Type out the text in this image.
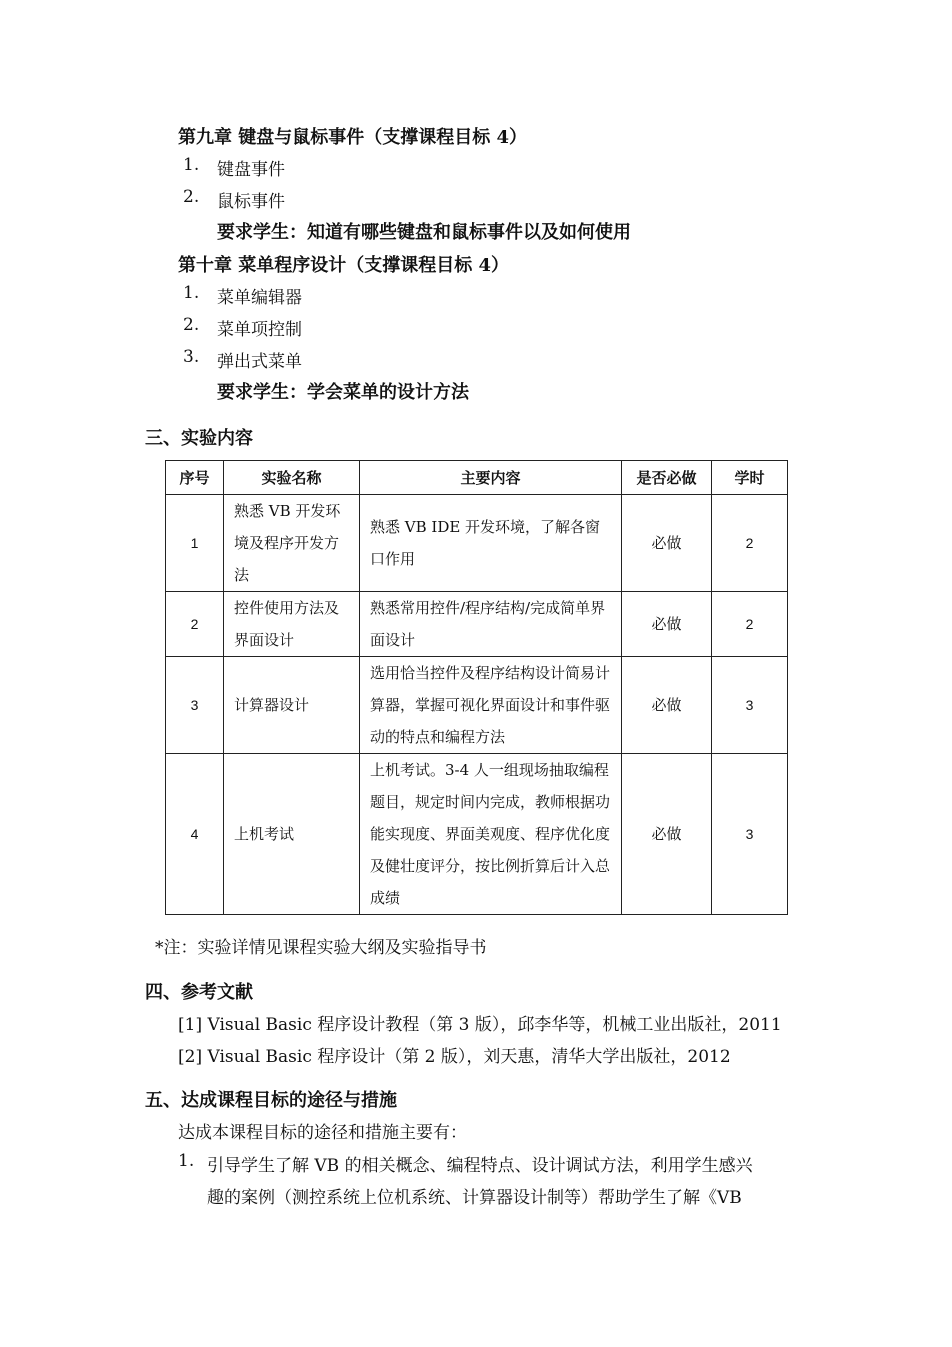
第九章 键盘与鼠标事件（支撑课程目标 4）
1. 键盘事件
2. 鼠标事件
要求学生：知道有哪些键盘和鼠标事件以及如何使用
第十章 菜单程序设计（支撑课程目标 4）
1. 菜单编辑器
2. 菜单项控制
3. 弹出式菜单
要求学生：学会菜单的设计方法
三、实验内容
序号	实验名称	主要内容	是否必做	学时
1	熟悉 VB 开发环境及程序开发方法	熟悉 VB IDE 开发环境，了解各窗口作用	必做	2
2	控件使用方法及界面设计	熟悉常用控件/程序结构/完成简单界面设计	必做	2
3	计算器设计	选用恰当控件及程序结构设计简易计算器，掌握可视化界面设计和事件驱动的特点和编程方法	必做	3
4	上机考试	上机考试。3-4 人一组现场抽取编程题目，规定时间内完成，教师根据功能实现度、界面美观度、程序优化度及健壮度评分，按比例折算后计入总成绩	必做	3
*注：实验详情见课程实验大纲及实验指导书
四、参考文献
[1] Visual Basic 程序设计教程（第 3 版），邱李华等，机械工业出版社，2011
[2] Visual Basic 程序设计（第 2 版），刘天惠，清华大学出版社，2012
五、达成课程目标的途径与措施
达成本课程目标的途径和措施主要有：
1. 引导学生了解 VB 的相关概念、编程特点、设计调试方法，利用学生感兴
趣的案例（测控系统上位机系统、计算器设计制等）帮助学生了解《VB
